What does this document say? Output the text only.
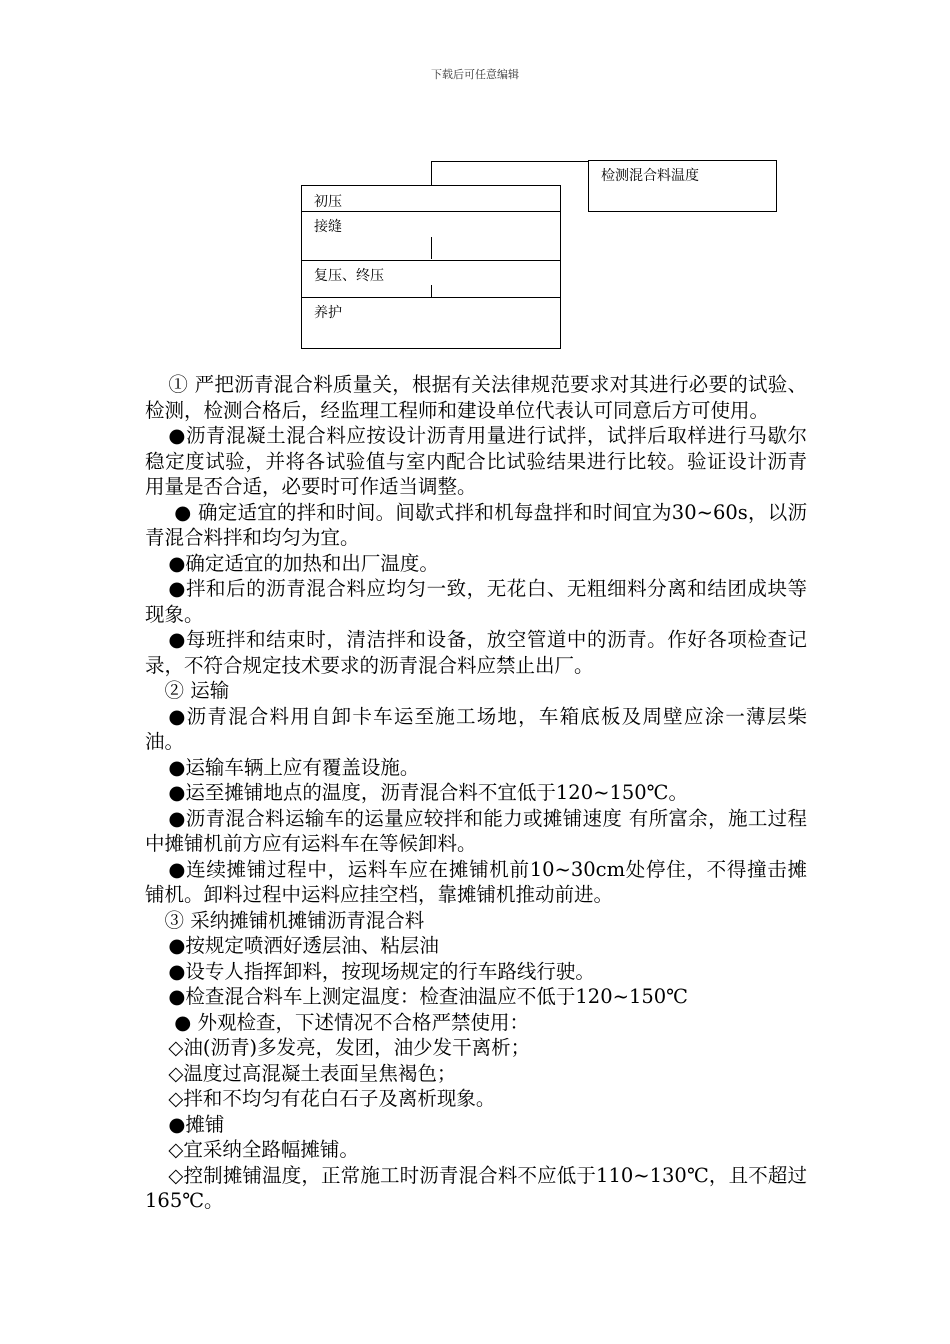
下载后可任意编辑
检测混合料温度
初压
接缝
复压、终压
养护

① 严把沥青混合料质量关，根据有关法律规范要求对其进行必要的试验、检测，检测合格后，经监理工程师和建设单位代表认可同意后方可使用。

●沥青混凝土混合料应按设计沥青用量进行试拌，试拌后取样进行马歇尔稳定度试验，并将各试验值与室内配合比试验结果进行比较。验证设计沥青用量是否合适，必要时可作适当调整。

● 确定适宜的拌和时间。间歇式拌和机每盘拌和时间宜为30~60s，以沥青混合料拌和均匀为宜。

●确定适宜的加热和出厂温度。

●拌和后的沥青混合料应均匀一致，无花白、无粗细料分离和结团成块等现象。

●每班拌和结束时，清洁拌和设备，放空管道中的沥青。作好各项检查记录，不符合规定技术要求的沥青混合料应禁止出厂。

② 运输

●沥青混合料用自卸卡车运至施工场地，车箱底板及周壁应涂一薄层柴油。

●运输车辆上应有覆盖设施。

●运至摊铺地点的温度，沥青混合料不宜低于120~150℃。

●沥青混合料运输车的运量应较拌和能力或摊铺速度 有所富余，施工过程中摊铺机前方应有运料车在等候卸料。

●连续摊铺过程中，运料车应在摊铺机前10~30cm处停住，不得撞击摊铺机。卸料过程中运料应挂空档，靠摊铺机推动前进。

③ 采纳摊铺机摊铺沥青混合料

●按规定喷洒好透层油、粘层油

●设专人指挥卸料，按现场规定的行车路线行驶。

●检查混合料车上测定温度：检查油温应不低于120~150℃

● 外观检查，下述情况不合格严禁使用：

◇油(沥青)多发亮，发团，油少发干离析；

◇温度过高混凝土表面呈焦褐色；

◇拌和不均匀有花白石子及离析现象。

●摊铺

◇宜采纳全路幅摊铺。

◇控制摊铺温度，正常施工时沥青混合料不应低于110~130℃，且不超过165℃。
